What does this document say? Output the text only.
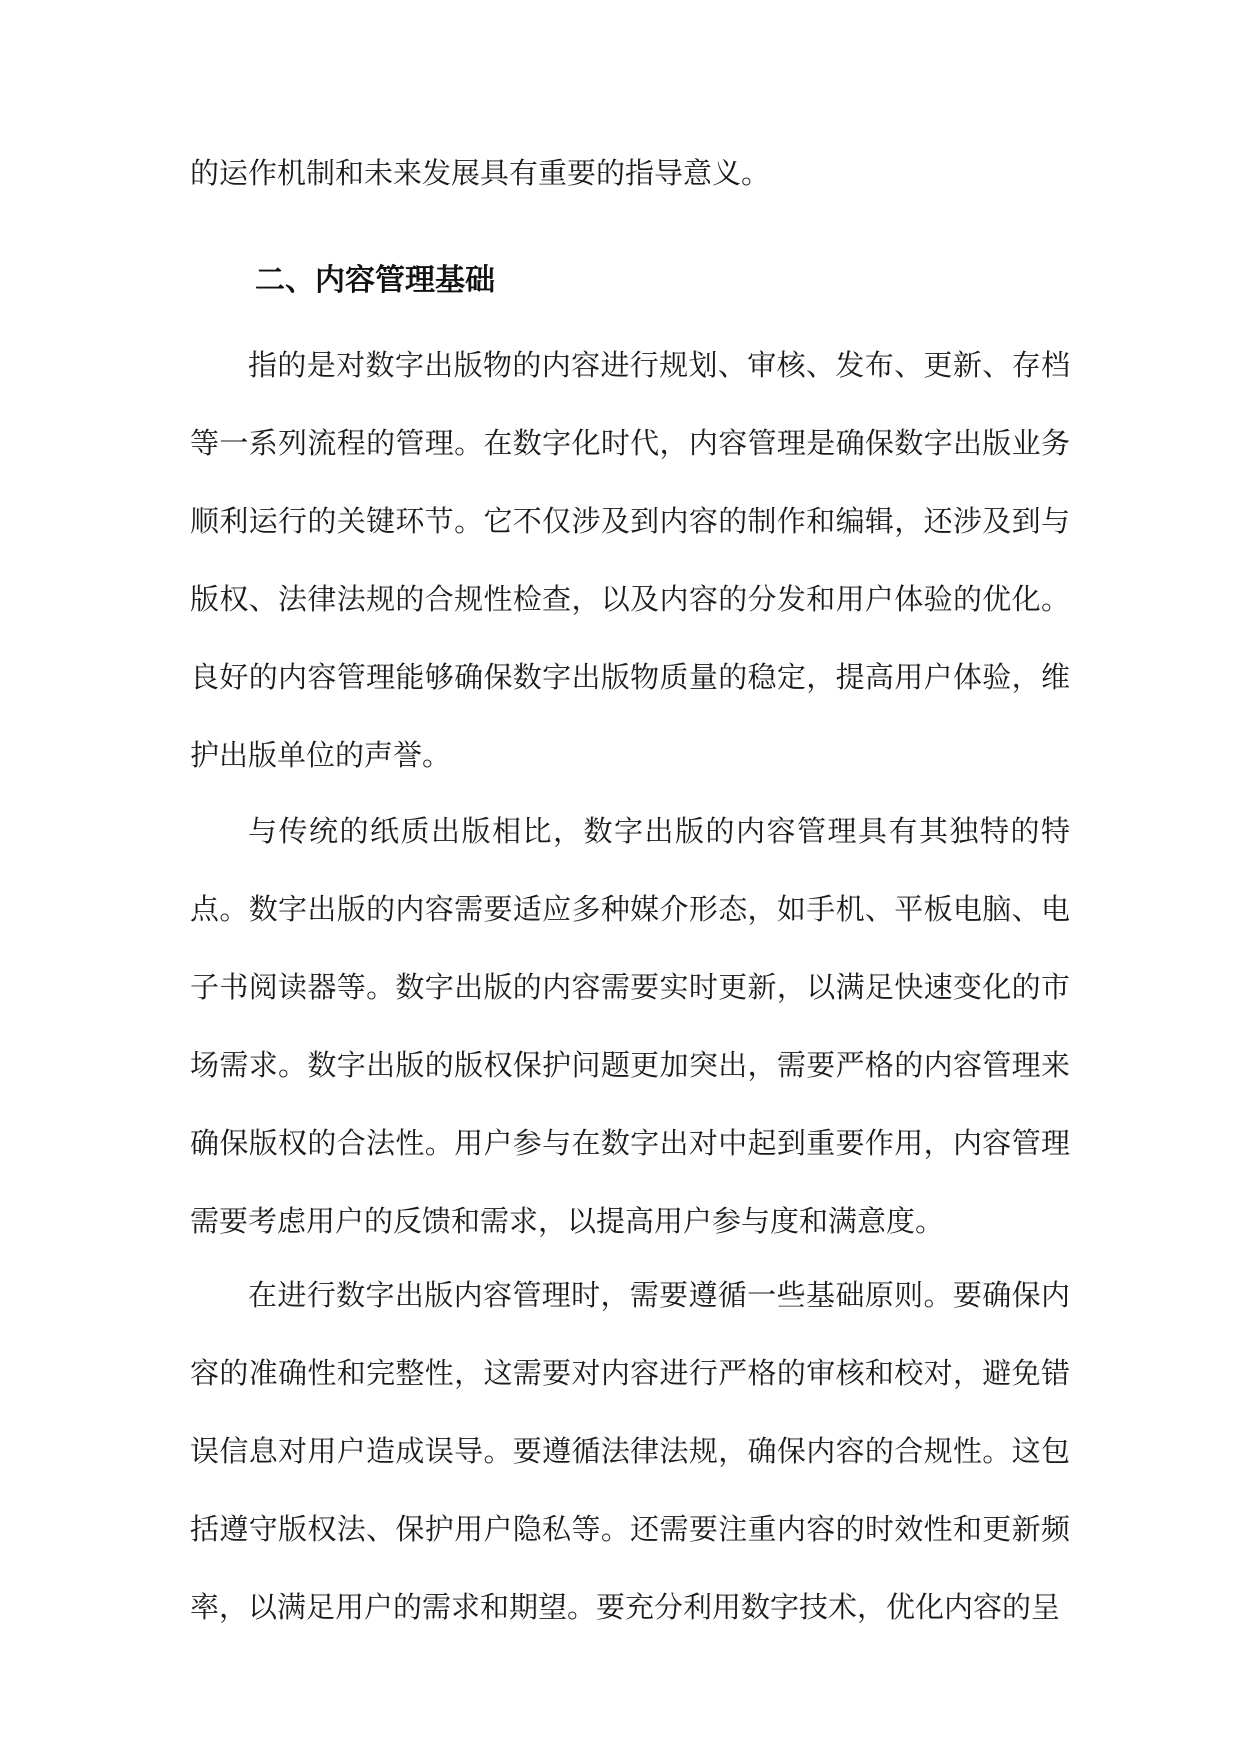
的运作机制和未来发展具有重要的指导意义。

二、内容管理基础

指的是对数字出版物的内容进行规划、审核、发布、更新、存档等一系列流程的管理。在数字化时代，内容管理是确保数字出版业务顺利运行的关键环节。它不仅涉及到内容的制作和编辑，还涉及到与版权、法律法规的合规性检查，以及内容的分发和用户体验的优化。良好的内容管理能够确保数字出版物质量的稳定，提高用户体验，维护出版单位的声誉。

与传统的纸质出版相比，数字出版的内容管理具有其独特的特点。数字出版的内容需要适应多种媒介形态，如手机、平板电脑、电子书阅读器等。数字出版的内容需要实时更新，以满足快速变化的市场需求。数字出版的版权保护问题更加突出，需要严格的内容管理来确保版权的合法性。用户参与在数字出对中起到重要作用，内容管理需要考虑用户的反馈和需求，以提高用户参与度和满意度。

在进行数字出版内容管理时，需要遵循一些基础原则。要确保内容的准确性和完整性，这需要对内容进行严格的审核和校对，避免错误信息对用户造成误导。要遵循法律法规，确保内容的合规性。这包括遵守版权法、保护用户隐私等。还需要注重内容的时效性和更新频率，以满足用户的需求和期望。要充分利用数字技术，优化内容的呈
